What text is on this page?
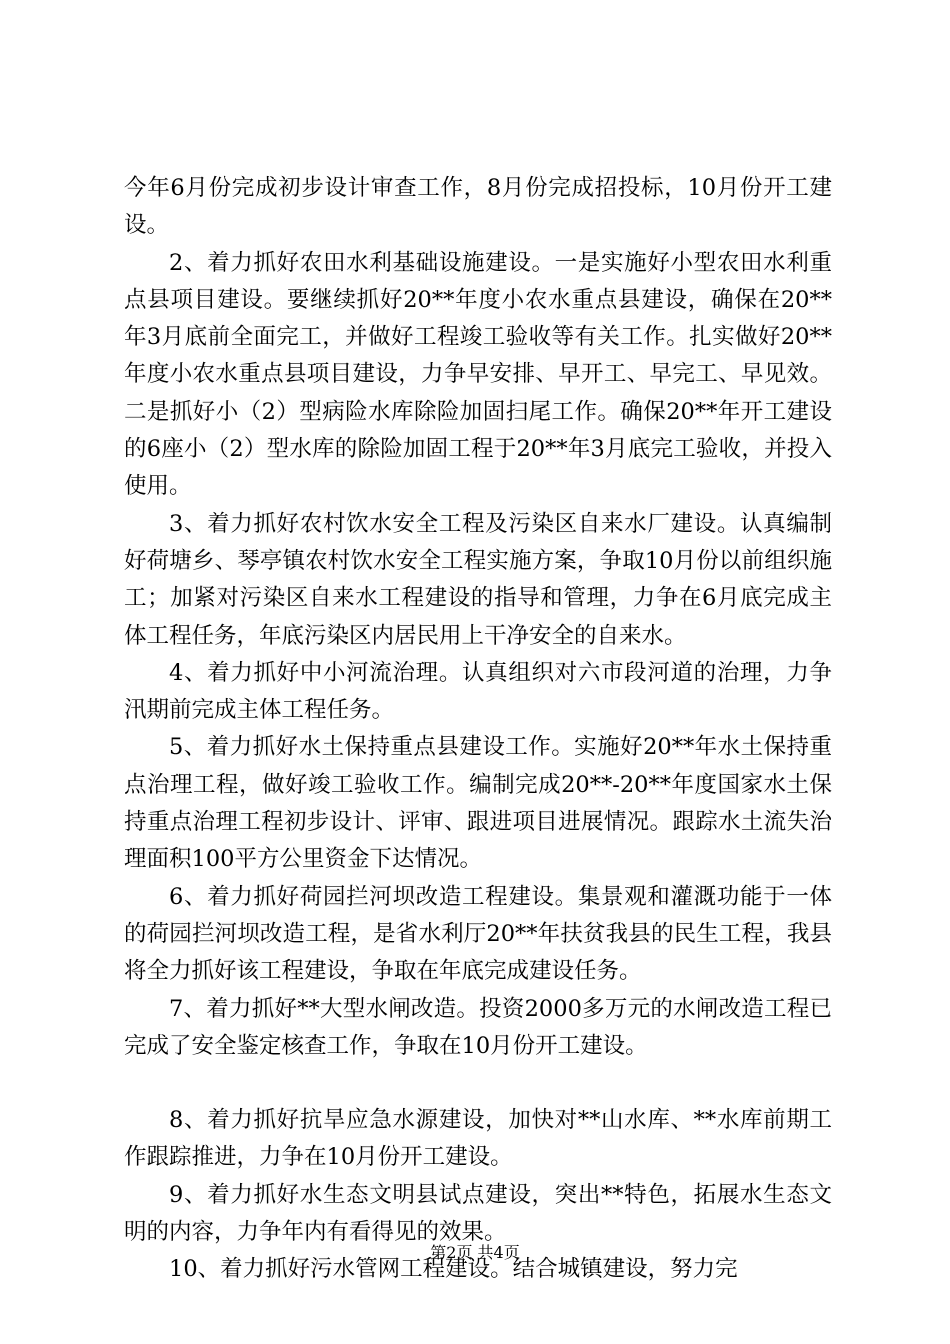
今年6月份完成初步设计审查工作，8月份完成招投标，10月份开工建设。

2、着力抓好农田水利基础设施建设。一是实施好小型农田水利重点县项目建设。要继续抓好20**年度小农水重点县建设，确保在20**年3月底前全面完工，并做好工程竣工验收等有关工作。扎实做好20**年度小农水重点县项目建设，力争早安排、早开工、早完工、早见效。二是抓好小（2）型病险水库除险加固扫尾工作。确保20**年开工建设的6座小（2）型水库的除险加固工程于20**年3月底完工验收，并投入使用。

3、着力抓好农村饮水安全工程及污染区自来水厂建设。认真编制好荷塘乡、琴亭镇农村饮水安全工程实施方案，争取10月份以前组织施工；加紧对污染区自来水工程建设的指导和管理，力争在6月底完成主体工程任务，年底污染区内居民用上干净安全的自来水。

4、着力抓好中小河流治理。认真组织对六市段河道的治理，力争汛期前完成主体工程任务。

5、着力抓好水土保持重点县建设工作。实施好20**年水土保持重点治理工程，做好竣工验收工作。编制完成20**-20**年度国家水土保持重点治理工程初步设计、评审、跟进项目进展情况。跟踪水土流失治理面积100平方公里资金下达情况。

6、着力抓好荷园拦河坝改造工程建设。集景观和灌溉功能于一体的荷园拦河坝改造工程，是省水利厅20**年扶贫我县的民生工程，我县将全力抓好该工程建设，争取在年底完成建设任务。

7、着力抓好**大型水闸改造。投资2000多万元的水闸改造工程已完成了安全鉴定核查工作，争取在10月份开工建设。

8、着力抓好抗旱应急水源建设，加快对**山水库、**水库前期工作跟踪推进，力争在10月份开工建设。

9、着力抓好水生态文明县试点建设，突出**特色，拓展水生态文明的内容，力争年内有看得见的效果。

10、着力抓好污水管网工程建设。结合城镇建设，努力完

第2页 共4页
